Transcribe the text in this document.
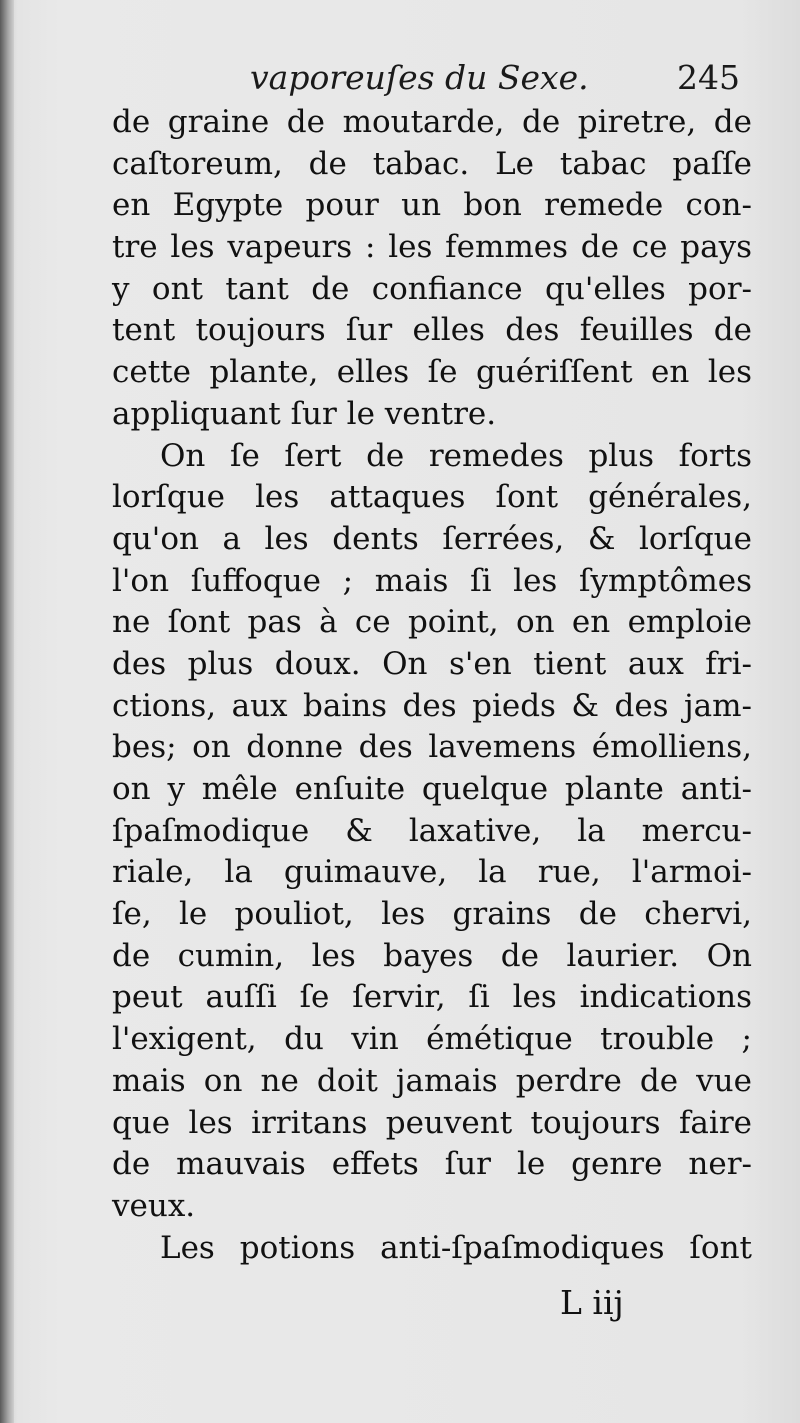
vaporeuſes du Sexe.	245
de graine de moutarde, de piretre, de
caſtoreum, de tabac. Le tabac paſſe
en Egypte pour un bon remede con-
tre les vapeurs : les femmes de ce pays
y ont tant de confiance qu'elles por-
tent toujours ſur elles des feuilles de
cette plante, elles ſe guériſſent en les
appliquant ſur le ventre.
On ſe ſert de remedes plus forts
lorſque les attaques ſont générales,
qu'on a les dents ſerrées, & lorſque
l'on ſuffoque ; mais ſi les ſymptômes
ne ſont pas à ce point, on en emploie
des plus doux. On s'en tient aux fri-
ctions, aux bains des pieds & des jam-
bes; on donne des lavemens émolliens,
on y mêle enſuite quelque plante anti-
ſpaſmodique & laxative, la mercu-
riale, la guimauve, la rue, l'armoi-
ſe, le pouliot, les grains de chervi,
de cumin, les bayes de laurier. On
peut auſſi ſe ſervir, ſi les indications
l'exigent, du vin émétique trouble ;
mais on ne doit jamais perdre de vue
que les irritans peuvent toujours faire
de mauvais effets ſur le genre ner-
veux.
Les potions anti-ſpaſmodiques ſont
L iij
